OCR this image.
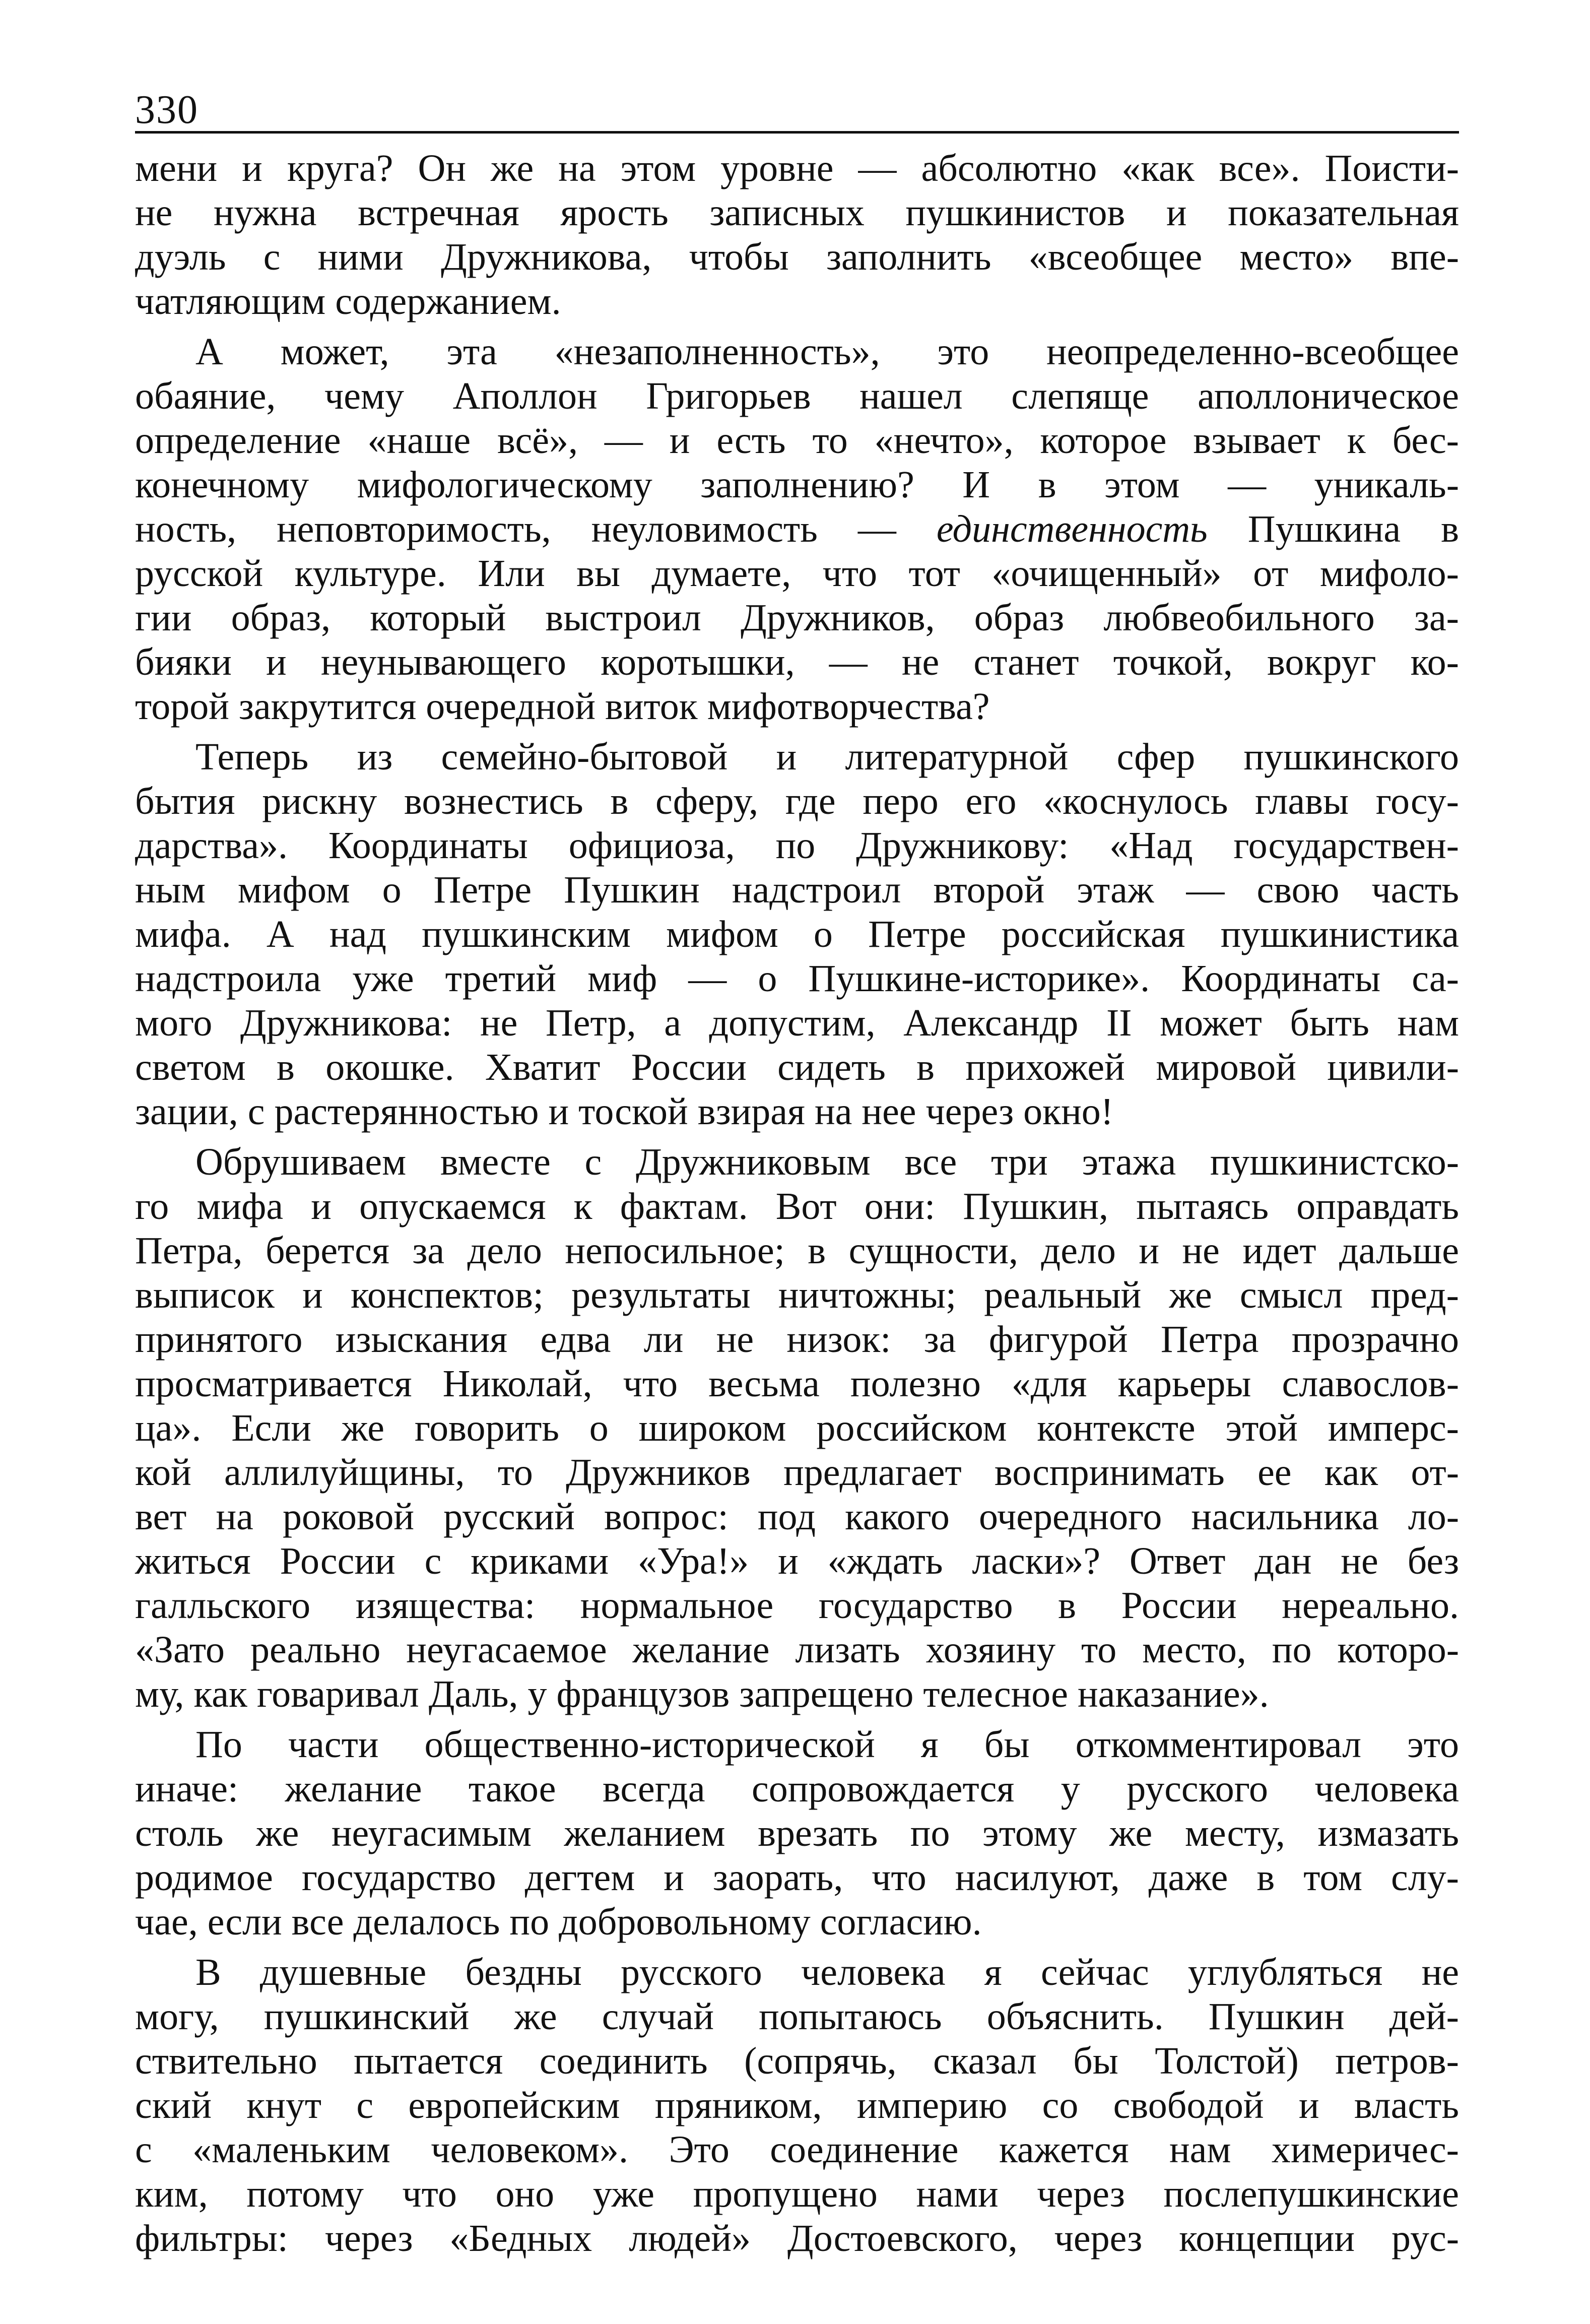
330
мени и круга? Он же на этом уровне — абсолютно «как все». Поисти-
не нужна встречная ярость записных пушкинистов и показательная
дуэль с ними Дружникова, чтобы заполнить «всеобщее место» впе-
чатляющим содержанием.
А может, эта «незаполненность», это неопределенно-всеобщее
обаяние, чему Аполлон Григорьев нашел слепяще аполлоническое
определение «наше всё», — и есть то «нечто», которое взывает к бес-
конечному мифологическому заполнению? И в этом — уникаль-
ность, неповторимость, неуловимость — единственность Пушкина в
русской культуре. Или вы думаете, что тот «очищенный» от мифоло-
гии образ, который выстроил Дружников, образ любвеобильного за-
бияки и неунывающего коротышки, — не станет точкой, вокруг ко-
торой закрутится очередной виток мифотворчества?
Теперь из семейно-бытовой и литературной сфер пушкинского
бытия рискну вознестись в сферу, где перо его «коснулось главы госу-
дарства». Координаты официоза, по Дружникову: «Над государствен-
ным мифом о Петре Пушкин надстроил второй этаж — свою часть
мифа. А над пушкинским мифом о Петре российская пушкинистика
надстроила уже третий миф — о Пушкине-историке». Координаты са-
мого Дружникова: не Петр, а допустим, Александр II может быть нам
светом в окошке. Хватит России сидеть в прихожей мировой цивили-
зации, с растерянностью и тоской взирая на нее через окно!
Обрушиваем вместе с Дружниковым все три этажа пушкинистско-
го мифа и опускаемся к фактам. Вот они: Пушкин, пытаясь оправдать
Петра, берется за дело непосильное; в сущности, дело и не идет дальше
выписок и конспектов; результаты ничтожны; реальный же смысл пред-
принятого изыскания едва ли не низок: за фигурой Петра прозрачно
просматривается Николай, что весьма полезно «для карьеры славослов-
ца». Если же говорить о широком российском контексте этой имперс-
кой аллилуйщины, то Дружников предлагает воспринимать ее как от-
вет на роковой русский вопрос: под какого очередного насильника ло-
житься России с криками «Ура!» и «ждать ласки»? Ответ дан не без
галльского изящества: нормальное государство в России нереально.
«Зато реально неугасаемое желание лизать хозяину то место, по которо-
му, как говаривал Даль, у французов запрещено телесное наказание».
По части общественно-исторической я бы откомментировал это
иначе: желание такое всегда сопровождается у русского человека
столь же неугасимым желанием врезать по этому же месту, измазать
родимое государство дегтем и заорать, что насилуют, даже в том слу-
чае, если все делалось по добровольному согласию.
В душевные бездны русского человека я сейчас углубляться не
могу, пушкинский же случай попытаюсь объяснить. Пушкин дей-
ствительно пытается соединить (сопрячь, сказал бы Толстой) петров-
ский кнут с европейским пряником, империю со свободой и власть
с «маленьким человеком». Это соединение кажется нам химеричес-
ким, потому что оно уже пропущено нами через послепушкинские
фильтры: через «Бедных людей» Достоевского, через концепции рус-
